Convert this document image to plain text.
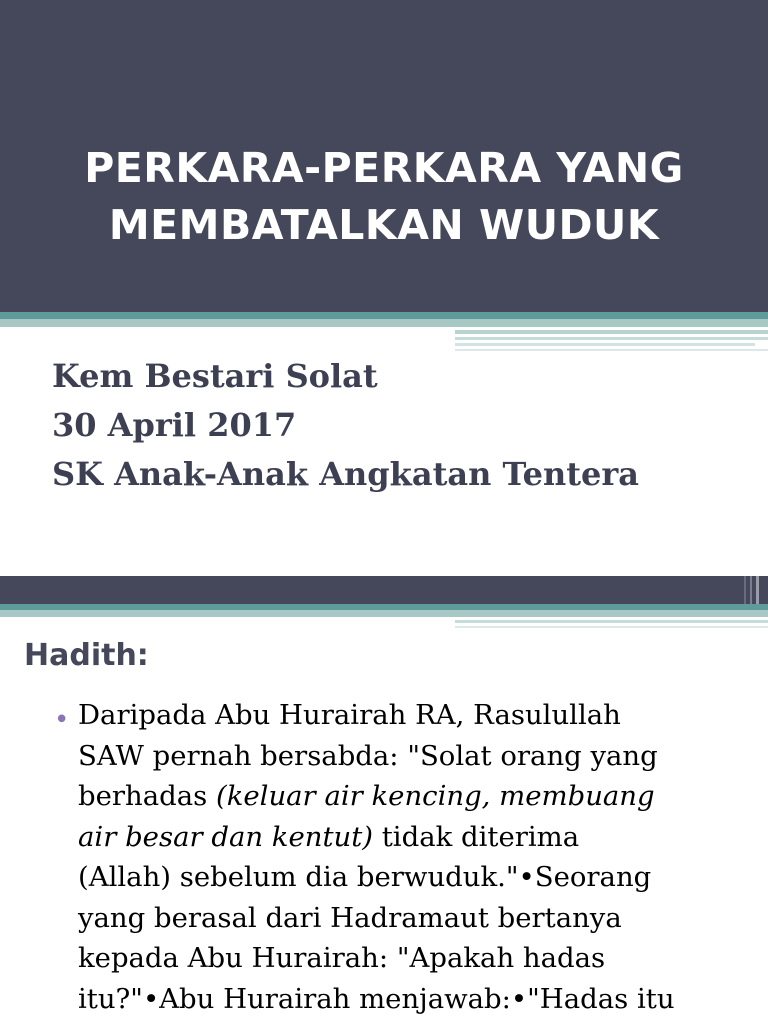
PERKARA-PERKARA YANG
MEMBATALKAN WUDUK
Kem Bestari Solat
30 April 2017
SK Anak-Anak Angkatan Tentera
Hadith:
• Daripada Abu Hurairah RA, Rasulullah
SAW pernah bersabda: "Solat orang yang
berhadas (keluar air kencing, membuang
air besar dan kentut) tidak diterima
(Allah) sebelum dia berwuduk."•Seorang
yang berasal dari Hadramaut bertanya
kepada Abu Hurairah: "Apakah hadas
itu?"•Abu Hurairah menjawab:•"Hadas itu
